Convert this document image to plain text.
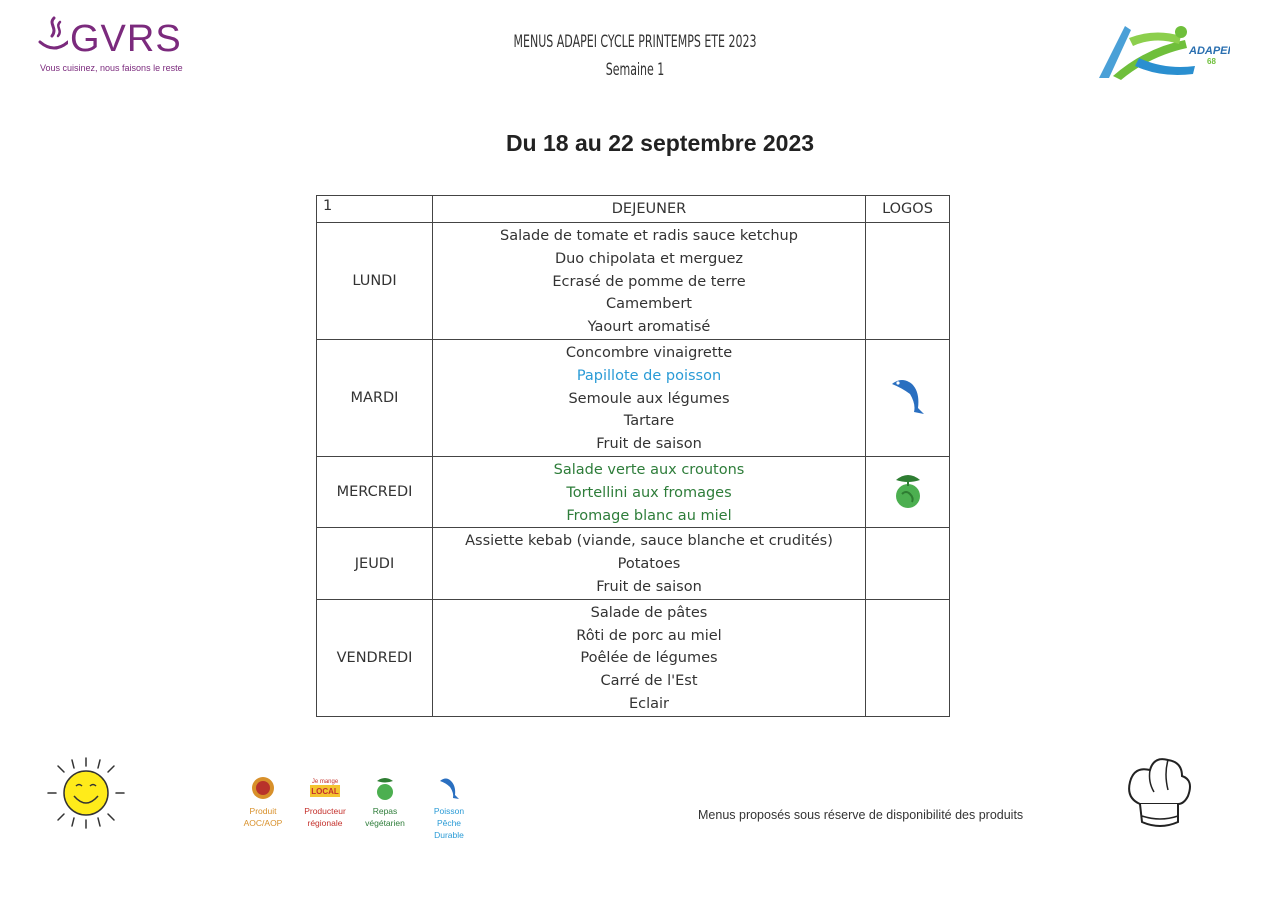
GVRS
Vous cuisinez, nous faisons le reste
MENUS ADAPEI CYCLE PRINTEMPS ETE 2023
Semaine 1
ADAPEI
68
Du 18 au 22 septembre 2023
1	DEJEUNER	LOGOS
LUNDI	Salade de tomate et radis sauce ketchup
Duo chipolata et merguez
Ecrasé de pomme de terre
Camembert
Yaourt aromatisé	

MARDI	Concombre vinaigrette
Papillote de poisson
Semoule aux légumes
Tartare
Fruit de saison

MERCREDI	Salade verte aux croutons
Tortellini aux fromages
Fromage blanc au miel

JEUDI	Assiette kebab (viande, sauce blanche et crudités)
Potatoes
Fruit de saison	

VENDREDI	Salade de pâtes
Rôti de porc au miel
Poêlée de légumes
Carré de l'Est
Eclair	

Produit
AOC/AOP
Je mange
LOCAL
Producteur
régionale
Repas
végétarien
Poisson
Pêche
Durable
Menus proposés sous réserve de disponibilité des produits
